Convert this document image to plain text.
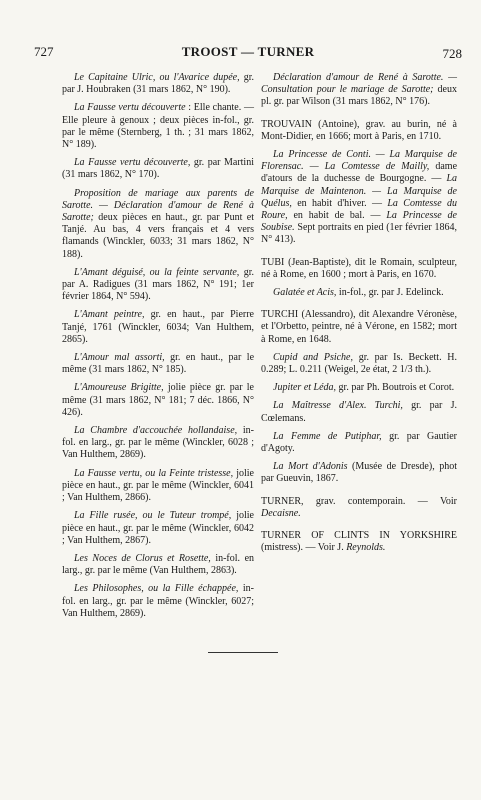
727	TROOST — TURNER	728

Le Capitaine Ulric, ou l'Avarice dupée, gr. par J. Houbraken (31 mars 1862, N° 190).

La Fausse vertu découverte : Elle chante. — Elle pleure à genoux ; deux pièces in-fol., gr. par le même (Sternberg, 1 th. ; 31 mars 1862, N° 189).

La Fausse vertu découverte, gr. par Martini (31 mars 1862, N° 170).

Proposition de mariage aux parents de Sarotte. — Déclaration d'amour de René à Sarotte; deux pièces en haut., gr. par Punt et Tanjé. Au bas, 4 vers français et 4 vers flamands (Winckler, 6033; 31 mars 1862, N° 188).

L'Amant déguisé, ou la feinte servante, gr. par A. Radigues (31 mars 1862, N° 191; 1er février 1864, N° 594).

L'Amant peintre, gr. en haut., par Pierre Tanjé, 1761 (Winckler, 6034; Van Hulthem, 2865).

L'Amour mal assorti, gr. en haut., par le même (31 mars 1862, N° 185).

L'Amoureuse Brigitte, jolie pièce gr. par le même (31 mars 1862, N° 181; 7 déc. 1866, N° 426).

La Chambre d'accouchée hollandaise, in-fol. en larg., gr. par le même (Winckler, 6028 ; Van Hulthem, 2869).

La Fausse vertu, ou la Feinte tristesse, jolie pièce en haut., gr. par le même (Winckler, 6041 ; Van Hulthem, 2866).

La Fille rusée, ou le Tuteur trompé, jolie pièce en haut., gr. par le même (Winckler, 6042 ; Van Hulthem, 2867).

Les Noces de Clorus et Rosette, in-fol. en larg., gr. par le même (Van Hulthem, 2863).

Les Philosophes, ou la Fille échappée, in-fol. en larg., gr. par le même (Winckler, 6027; Van Hulthem, 2869).

Déclaration d'amour de René à Sarotte. — Consultation pour le mariage de Sarotte; deux pl. gr. par Wilson (31 mars 1862, N° 176).

TROUVAIN (Antoine), grav. au burin, né à Mont-Didier, en 1666; mort à Paris, en 1710.

La Princesse de Conti. — La Marquise de Florensac. — La Comtesse de Mailly, dame d'atours de la duchesse de Bourgogne. — La Marquise de Maintenon. — La Marquise de Quélus, en habit d'hiver. — La Comtesse du Roure, en habit de bal. — La Princesse de Soubise. Sept portraits en pied (1er février 1864, N° 413).

TUBI (Jean-Baptiste), dit le Romain, sculpteur, né à Rome, en 1600 ; mort à Paris, en 1670.

Galatée et Acis, in-fol., gr. par J. Edelinck.

TURCHI (Alessandro), dit Alexandre Véronèse, et l'Orbetto, peintre, né à Vérone, en 1582; mort à Rome, en 1648.

Cupid and Psiche, gr. par Is. Beckett. H. 0.289; L. 0.211 (Weigel, 2e état, 2 1/3 th.).

Jupiter et Léda, gr. par Ph. Boutrois et Corot.

La Maîtresse d'Alex. Turchi, gr. par J. Cœlemans.

La Femme de Putiphar, gr. par Gautier d'Agoty.

La Mort d'Adonis (Musée de Dresde), phot par Gueuvin, 1867.

TURNER, grav. contemporain. — Voir Decaisne.

TURNER OF CLINTS IN YORKSHIRE (mistress). — Voir J. Reynolds.
